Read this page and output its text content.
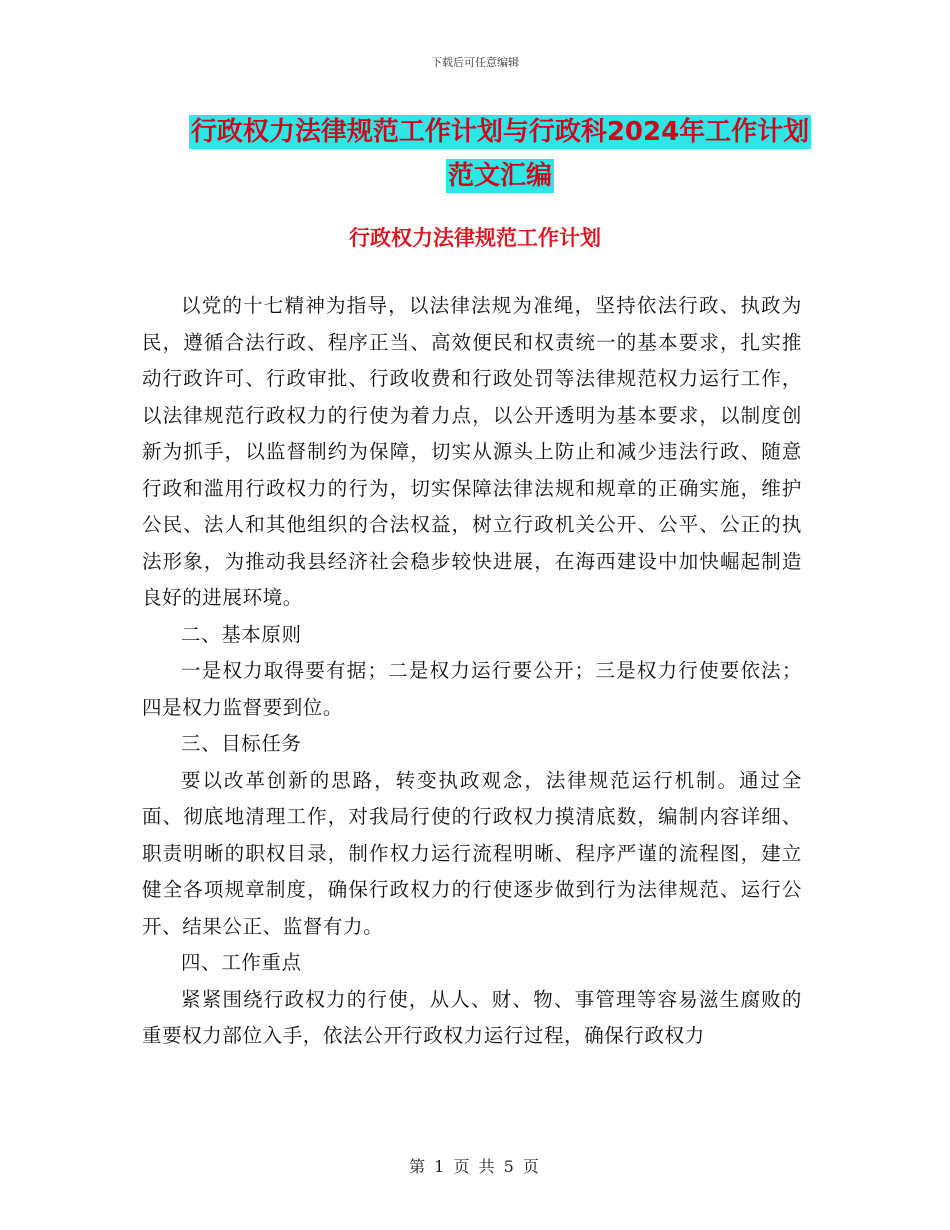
下载后可任意编辑
行政权力法律规范工作计划与行政科2024年工作计划
范文汇编
行政权力法律规范工作计划

以党的十七精神为指导，以法律法规为准绳，坚持依法行政、执政为民，遵循合法行政、程序正当、高效便民和权责统一的基本要求，扎实推动行政许可、行政审批、行政收费和行政处罚等法律规范权力运行工作，以法律规范行政权力的行使为着力点，以公开透明为基本要求，以制度创新为抓手，以监督制约为保障，切实从源头上防止和减少违法行政、随意行政和滥用行政权力的行为，切实保障法律法规和规章的正确实施，维护公民、法人和其他组织的合法权益，树立行政机关公开、公平、公正的执法形象，为推动我县经济社会稳步较快进展，在海西建设中加快崛起制造良好的进展环境。

二、基本原则

一是权力取得要有据；二是权力运行要公开；三是权力行使要依法；四是权力监督要到位。

三、目标任务

要以改革创新的思路，转变执政观念，法律规范运行机制。通过全面、彻底地清理工作，对我局行使的行政权力摸清底数，编制内容详细、职责明晰的职权目录，制作权力运行流程明晰、程序严谨的流程图，建立健全各项规章制度，确保行政权力的行使逐步做到行为法律规范、运行公开、结果公正、监督有力。

四、工作重点

紧紧围绕行政权力的行使，从人、财、物、事管理等容易滋生腐败的重要权力部位入手，依法公开行政权力运行过程，确保行政权力

第 1 页 共 5 页
